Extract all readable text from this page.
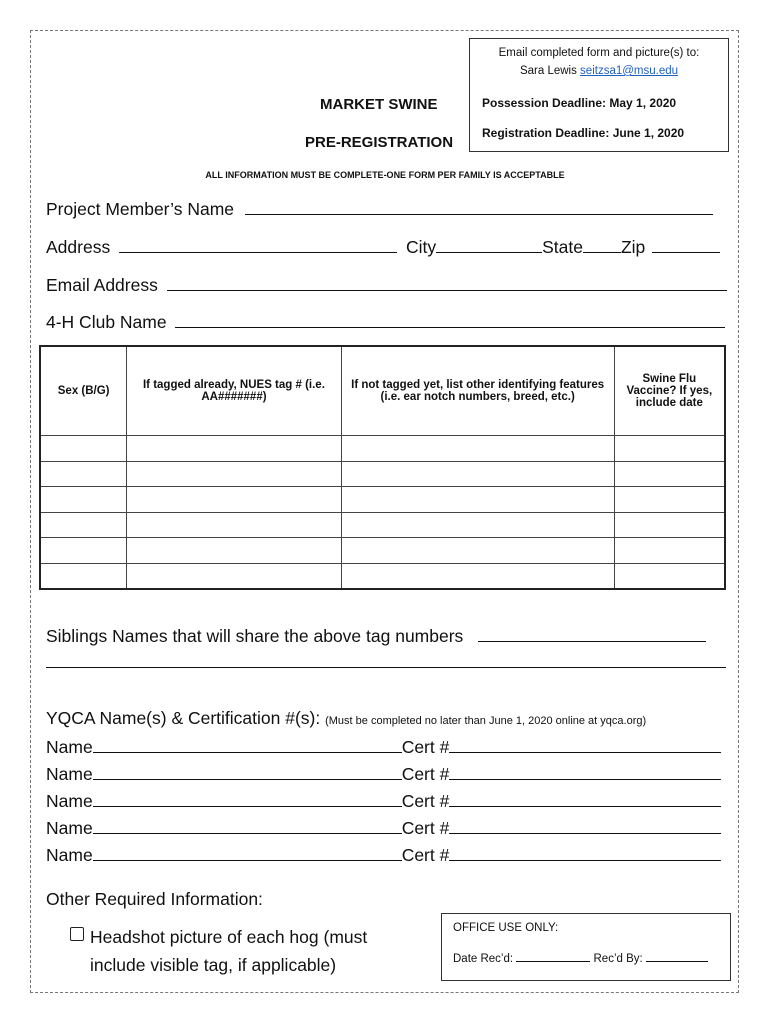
Email completed form and picture(s) to:
Sara Lewis seitzsa1@msu.edu
Possession Deadline: May 1, 2020
Registration Deadline: June 1, 2020
MARKET SWINE
PRE-REGISTRATION
ALL INFORMATION MUST BE COMPLETE-ONE FORM PER FAMILY IS ACCEPTABLE
Project Member’s Name
Address	City	State Zip
Email Address
4-H Club Name
Sex (B/G)	If tagged already, NUES tag # (i.e. AA#######)	If not tagged yet, list other identifying features (i.e. ear notch numbers, breed, etc.)	Swine Flu Vaccine? If yes, include date

Siblings Names that will share the above tag numbers
YQCA Name(s) & Certification #(s): (Must be completed no later than June 1, 2020 online at yqca.org)
Name	Cert #
Name	Cert #
Name	Cert #
Name	Cert #
Name	Cert #
Other Required Information:
Headshot picture of each hog (must
include visible tag, if applicable)
OFFICE USE ONLY:
Date Rec’d:	Rec’d By:
